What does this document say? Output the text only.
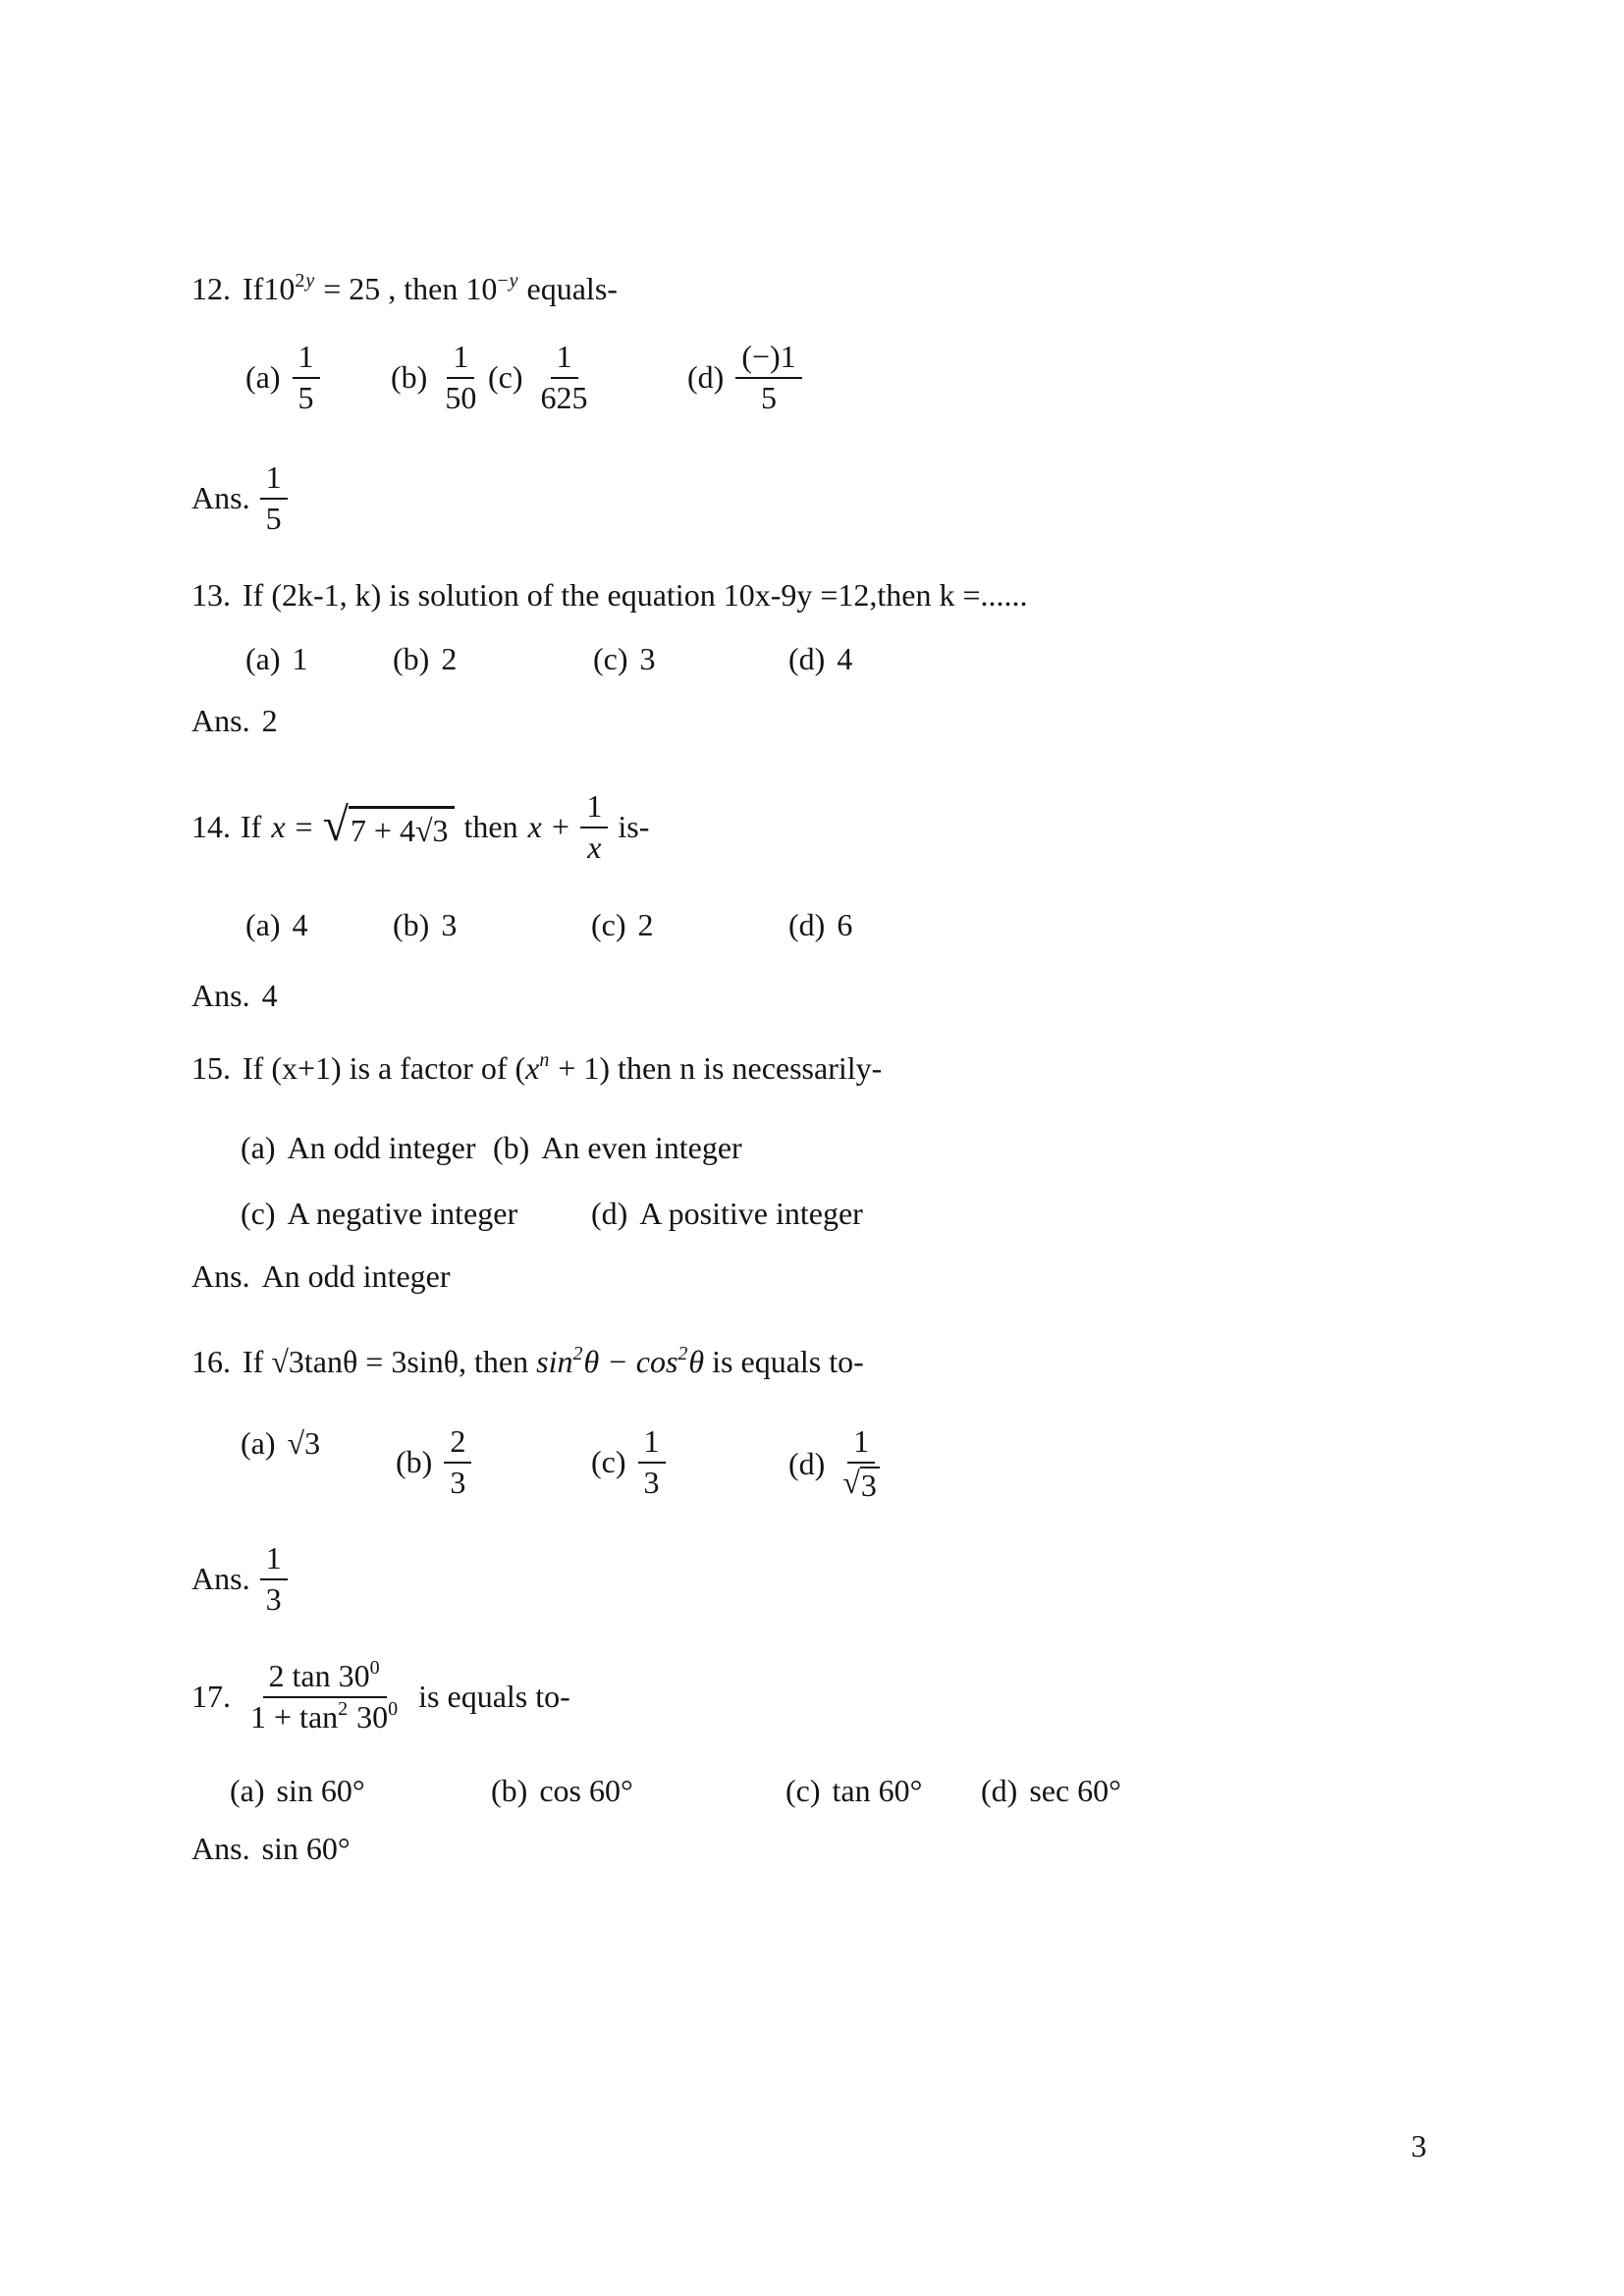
12. $If10^{2y} = 25$ , then $10^{-y}$ equals-
$(a) \frac{1}{5} (b) \frac{1}{50} (c) \frac{1}{625}$	$(d) \frac{(-)1}{5}$
Ans. $\frac{1}{5}$
13. If (2k-1, k) is solution of the equation 10x-9y =12,then k =......
(a) 1	(b) 2	(c) 3	(d) 4
Ans. 2
14. If x = √ 7 + 4√3 then $x + \frac{1}{x} is-$
(a) 4	(b) 3	(c) 2	(d) 6
Ans. 4
15. If (x+1) is a factor of $(x^n + 1)$ then n is necessarily-
(a) An odd integer (b) An even integer
(c) A negative integer (d) A positive integer
Ans. An odd integer
16. If √3tanθ = 3sinθ, then $\sin^2\theta - \cos^2\theta$ is equals to-
(a) √3
$(b) \frac{2}{3}$	$(c) \frac{1}{3}$	$(d) \frac{1}{√ 3}$
Ans. $\frac{1}{3}$
17. $\frac{2 \tan 30^0}{1 + \tan^2 30^0}$ is equals to-
(a) sin 60°	(b) cos 60°	(c) tan 60° (d) sec 60°
Ans. sin 60°
3
